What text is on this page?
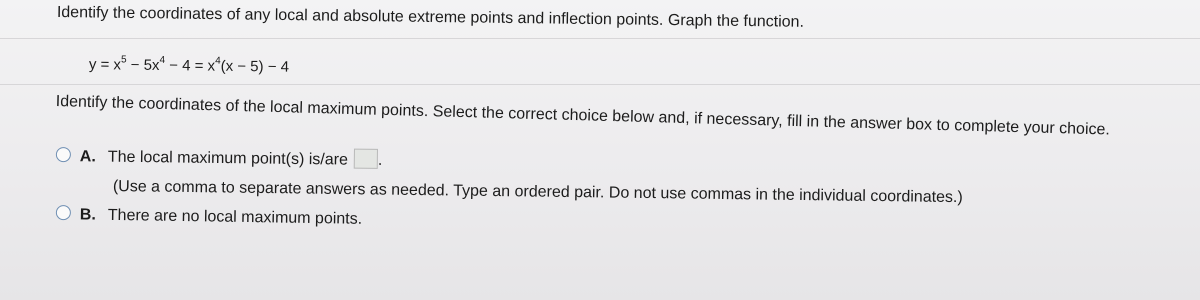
Identify the coordinates of any local and absolute extreme points and inflection points. Graph the function.
$y = x^5 - 5x^4 - 4 = x^4(x - 5) - 4$
Identify the coordinates of the local maximum points. Select the correct choice below and, if necessary, fill in the answer box to complete your choice.
A. The local maximum point(s) is/are .
(Use a comma to separate answers as needed. Type an ordered pair. Do not use commas in the individual coordinates.)
B. There are no local maximum points.
